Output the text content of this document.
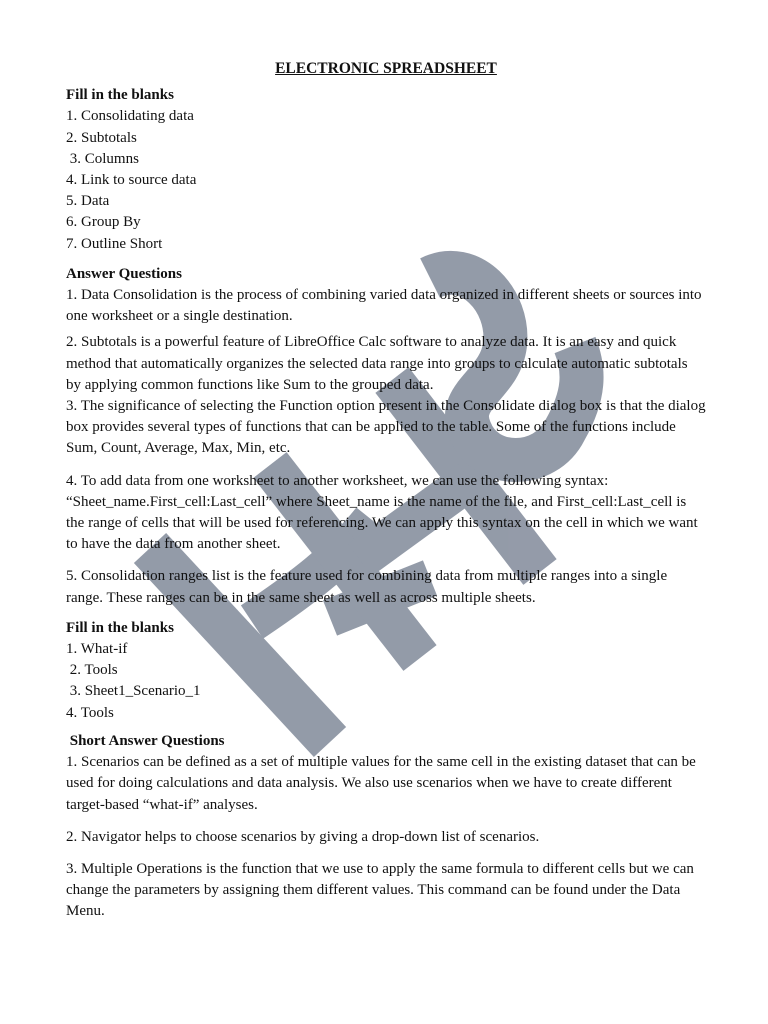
ELECTRONIC SPREADSHEET
Fill in the blanks
1. Consolidating data
2. Subtotals
3. Columns
4. Link to source data
5. Data
6. Group By
7. Outline Short
Answer Questions
1. Data Consolidation is the process of combining varied data organized in different sheets or sources into one worksheet or a single destination.
2. Subtotals is a powerful feature of LibreOffice Calc software to analyze data. It is an easy and quick method that automatically organizes the selected data range into groups to calculate automatic subtotals by applying common functions like Sum to the grouped data.
3. The significance of selecting the Function option present in the Consolidate dialog box is that the dialog box provides several types of functions that can be applied to the table. Some of the functions include Sum, Count, Average, Max, Min, etc.
4. To add data from one worksheet to another worksheet, we can use the following syntax: “Sheet_name.First_cell:Last_cell” where Sheet_name is the name of the file, and First_cell:Last_cell is the range of cells that will be used for referencing. We can apply this syntax on the cell in which we want to have the data from another sheet.
5. Consolidation ranges list is the feature used for combining data from multiple ranges into a single range. These ranges can be in the same sheet as well as across multiple sheets.
Fill in the blanks
1. What-if
2. Tools
3. Sheet1_Scenario_1
4. Tools
Short Answer Questions
1. Scenarios can be defined as a set of multiple values for the same cell in the existing dataset that can be used for doing calculations and data analysis. We also use scenarios when we have to create different target-based “what-if” analyses.
2. Navigator helps to choose scenarios by giving a drop-down list of scenarios.
3. Multiple Operations is the function that we use to apply the same formula to different cells but we can change the parameters by assigning them different values. This command can be found under the Data Menu.
